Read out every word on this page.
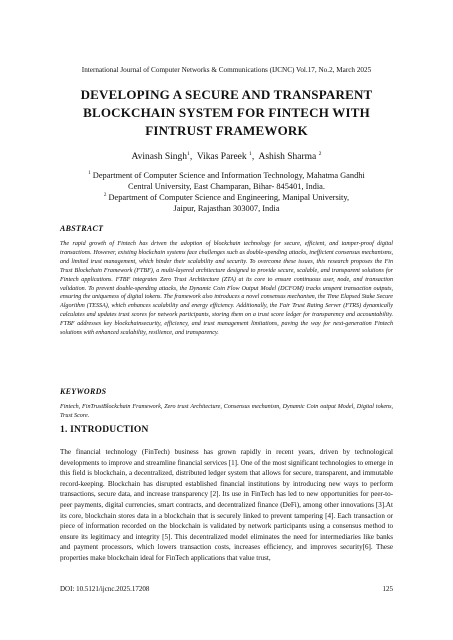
International Journal of Computer Networks & Communications (IJCNC) Vol.17, No.2, March 2025
DEVELOPING A SECURE AND TRANSPARENT
BLOCKCHAIN SYSTEM FOR FINTECH WITH
FINTRUST FRAMEWORK
Avinash Singh$^1$, Vikas Pareek $^1$, Ashish Sharma $^2$
$^1$ Department of Computer Science and Information Technology, Mahatma Gandhi
Central University, East Champaran, Bihar- 845401, India.
$^2$ Department of Computer Science and Engineering, Manipal University,
Jaipur, Rajasthan 303007, India
ABSTRACT
The rapid growth of Fintech has driven the adoption of blockchain technology for secure, efficient, and tamper-proof digital transactions. However, existing blockchain systems face challenges such as double-spending attacks, inefficient consensus mechanisms, and limited trust management, which hinder their scalability and security. To overcome these issues, this research proposes the Fin Trust Blockchain Framework (FTBF), a multi-layered architecture designed to provide secure, scalable, and transparent solutions for Fintech applications. FTBF integrates Zero Trust Architecture (ZTA) at its core to ensure continuous user, node, and transaction validation. To prevent double-spending attacks, the Dynamic Coin Flow Output Model (DCFOM) tracks unspent transaction outputs, ensuring the uniqueness of digital tokens. The framework also introduces a novel consensus mechanism, the Time Elapsed Stake Secure Algorithm (TESSA), which enhances scalability and energy efficiency. Additionally, the Fair Trust Rating Server (FTRS) dynamically calculates and updates trust scores for network participants, storing them on a trust score ledger for transparency and accountability. FTBF addresses key blockchainsecurity, efficiency, and trust management limitations, paving the way for next-generation Fintech solutions with enhanced scalability, resilience, and transparency.
KEYWORDS
Fintech, FinTrustBlockchain Framework, Zero trust Architecture, Consensus mechanism, Dynamic Coin output Model, Digital tokens, Trust Score.
1. INTRODUCTION
The financial technology (FinTech) business has grown rapidly in recent years, driven by technological developments to improve and streamline financial services [1]. One of the most significant technologies to emerge in this field is blockchain, a decentralized, distributed ledger system that allows for secure, transparent, and immutable record-keeping. Blockchain has disrupted established financial institutions by introducing new ways to perform transactions, secure data, and increase transparency [2]. Its use in FinTech has led to new opportunities for peer-to-peer payments, digital currencies, smart contracts, and decentralized finance (DeFi), among other innovations [3].At its core, blockchain stores data in a blockchain that is securely linked to prevent tampering [4]. Each transaction or piece of information recorded on the blockchain is validated by network participants using a consensus method to ensure its legitimacy and integrity [5]. This decentralized model eliminates the need for intermediaries like banks and payment processors, which lowers transaction costs, increases efficiency, and improves security[6]. These properties make blockchain ideal for FinTech applications that value trust,
DOI: 10.5121/ijcnc.2025.17208	125
